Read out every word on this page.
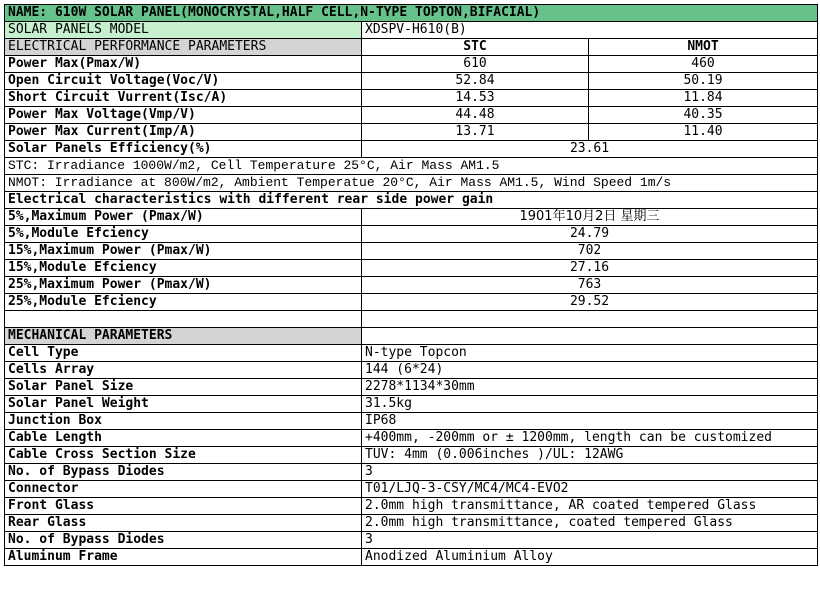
NAME: 610W SOLAR PANEL(MONOCRYSTAL,HALF CELL,N-TYPE TOPTON,BIFACIAL)		
SOLAR PANELS MODEL	XDSPV-H610(B)	
ELECTRICAL PERFORMANCE PARAMETERS	STC	NMOT
Power Max(Pmax/W)	610	460
Open Circuit Voltage(Voc/V)	52.84	50.19
Short Circuit Vurrent(Isc/A)	14.53	11.84
Power Max Voltage(Vmp/V)	44.48	40.35
Power Max Current(Imp/A)	13.71	11.40
Solar Panels Efficiency(%)	23.61	
STC: Irradiance 1000W/m2, Cell Temperature 25°C, Air Mass AM1.5		
NMOT: Irradiance at 800W/m2, Ambient Temperatue 20°C, Air Mass AM1.5, Wind Speed 1m/s		
Electrical characteristics with different rear side power gain		
5%,Maximum Power (Pmax/W)	1901年10月2日 星期三	
5%,Module Efciency	24.79	
15%,Maximum Power (Pmax/W)	702	
15%,Module Efciency	27.16	
25%,Maximum Power (Pmax/W)	763	
25%,Module Efciency	29.52	

MECHANICAL PARAMETERS		
Cell Type	N-type Topcon	
Cells Array	144 (6*24)	
Solar Panel Size	2278*1134*30mm	
Solar Panel Weight	31.5kg	
Junction Box	IP68	
Cable Length	+400mm, -200mm or ± 1200mm, length can be customized	
Cable Cross Section Size	TUV: 4mm (0.006inches )/UL: 12AWG	
No. of Bypass Diodes	3	
Connector	T01/LJQ-3-CSY/MC4/MC4-EVO2	
Front Glass	2.0mm high transmittance, AR coated tempered Glass	
Rear Glass	2.0mm high transmittance, coated tempered Glass	
No. of Bypass Diodes	3	
Aluminum Frame	Anodized Aluminium Alloy	
